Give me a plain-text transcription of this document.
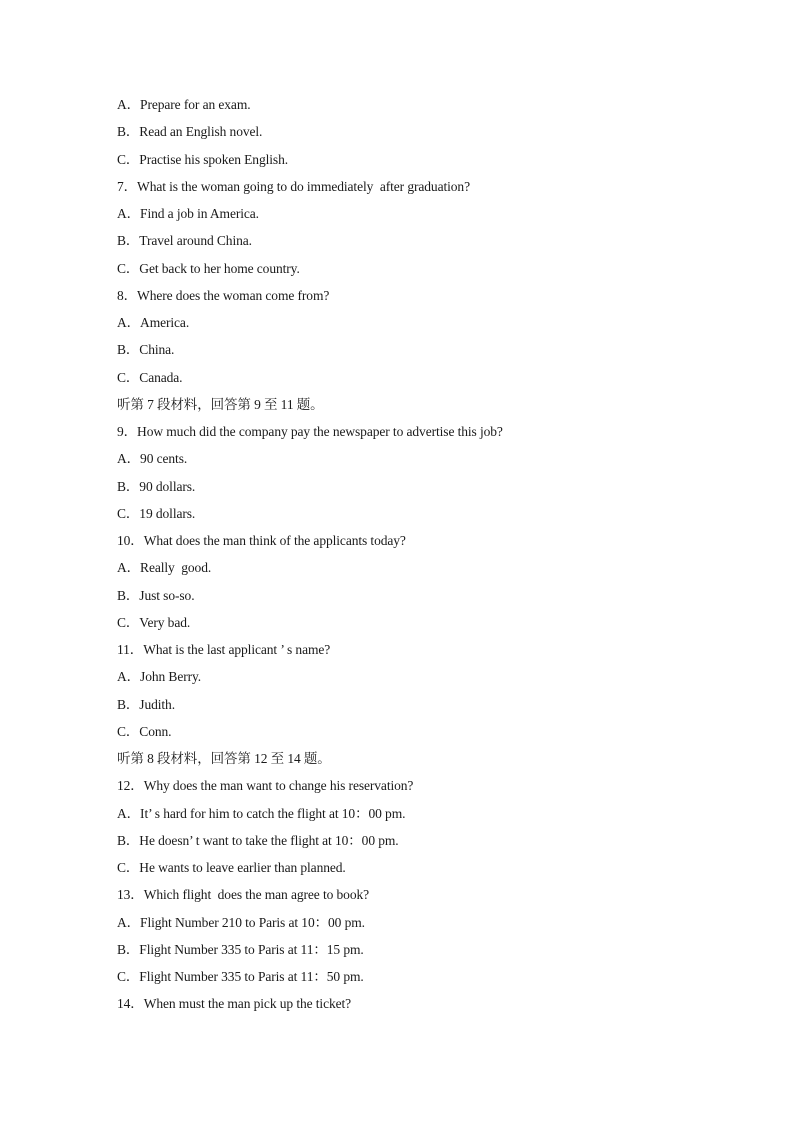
A．Prepare for an exam.
B．Read an English novel.
C．Practise his spoken English.
7．What is the woman going to do immediately  after graduation?
A．Find a job in America.
B．Travel around China.
C．Get back to her home country.
8．Where does the woman come from?
A．America.
B．China.
C．Canada.
听第 7 段材料，回答第 9 至 11 题。
9．How much did the company pay the newspaper to advertise this job?
A．90 cents.
B．90 dollars.
C．19 dollars.
10．What does the man think of the applicants today?
A．Really  good.
B．Just so-so.
C．Very bad.
11．What is the last applicant ’ s name?
A．John Berry.
B．Judith.
C．Conn.
听第 8 段材料，回答第 12 至 14 题。
12．Why does the man want to change his reservation?
A．It’ s hard for him to catch the flight at 10：00 pm.
B．He doesn’ t want to take the flight at 10：00 pm.
C．He wants to leave earlier than planned.
13．Which flight  does the man agree to book?
A．Flight Number 210 to Paris at 10：00 pm.
B．Flight Number 335 to Paris at 11：15 pm.
C．Flight Number 335 to Paris at 11：50 pm.
14．When must the man pick up the ticket?
